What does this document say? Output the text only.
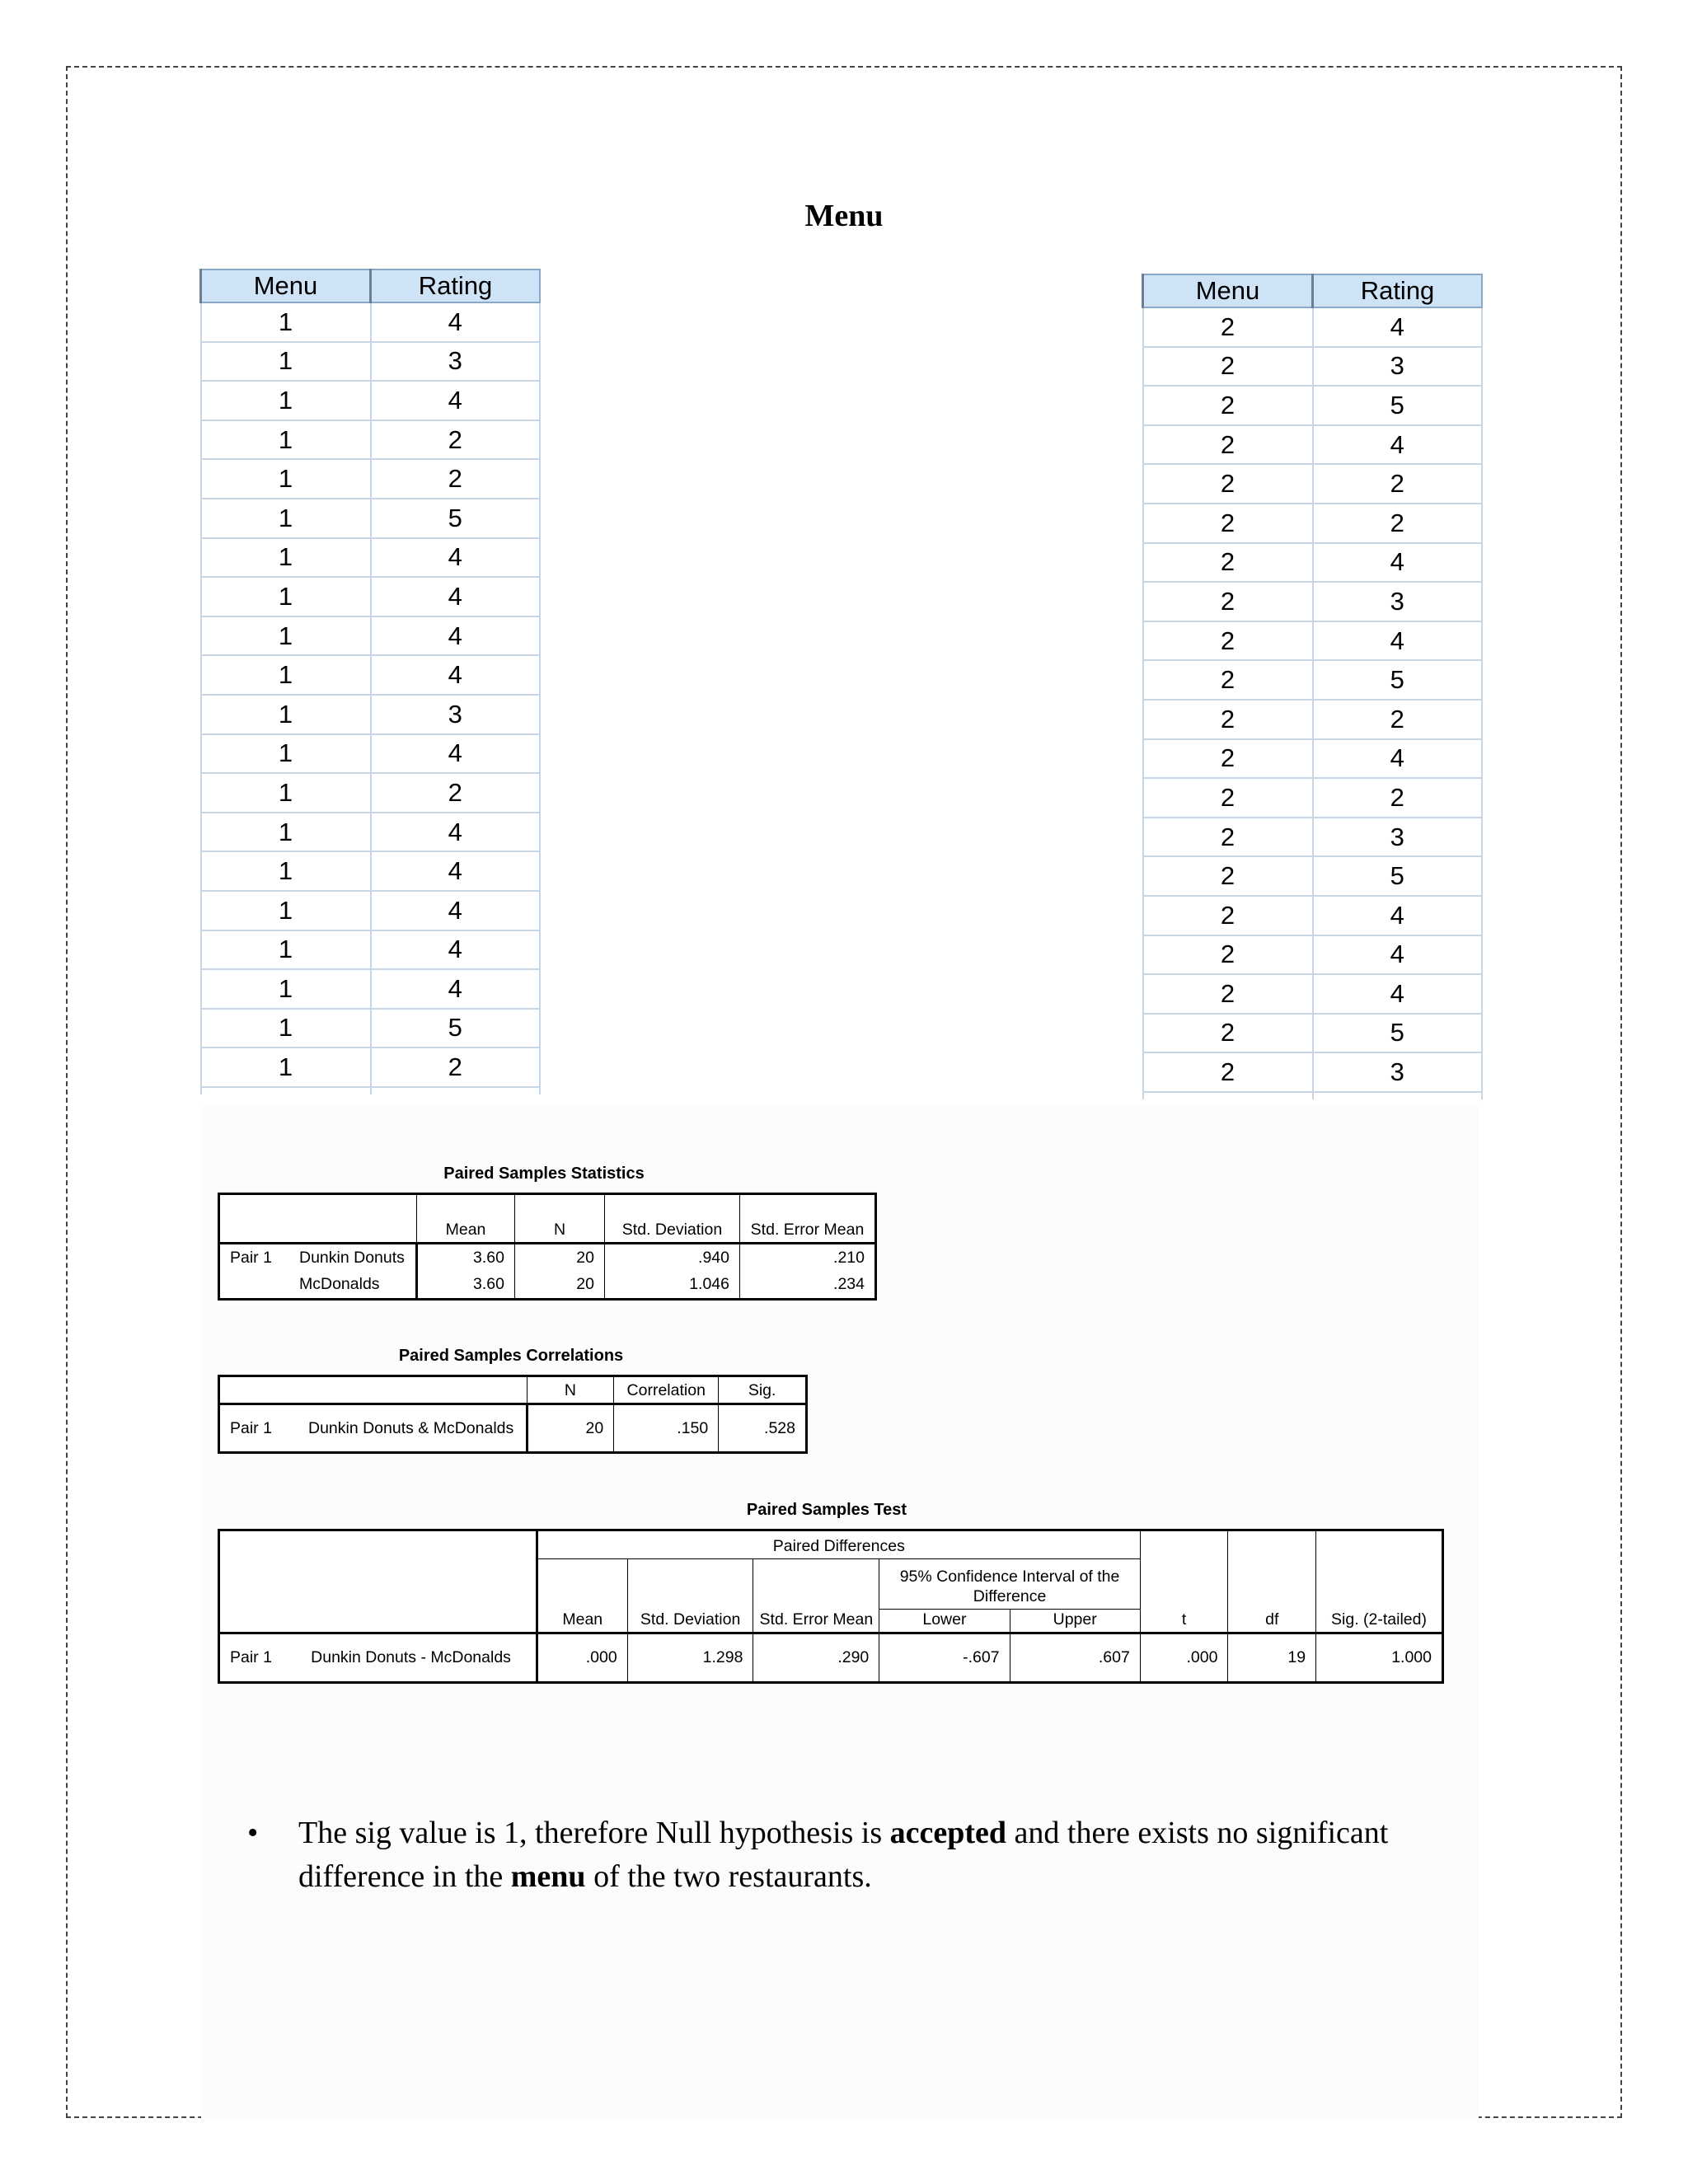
Menu
Menu	Rating
1	4
1	3
1	4
1	2
1	2
1	5
1	4
1	4
1	4
1	4
1	3
1	4
1	2
1	4
1	4
1	4
1	4
1	4
1	5
1	2

Menu	Rating
2	4
2	3
2	5
2	4
2	2
2	2
2	4
2	3
2	4
2	5
2	2
2	4
2	2
2	3
2	5
2	4
2	4
2	4
2	5
2	3

Paired Samples Statistics
		Mean	N	Std. Deviation	Std. Error Mean
Pair 1	Dunkin Donuts	3.60	20	.940	.210
	McDonalds	3.60	20	1.046	.234
Paired Samples Correlations
		N	Correlation	Sig.
Pair 1	Dunkin Donuts & McDonalds	20	.150	.528
Paired Samples Test
		Paired Differences					t	df	Sig. (2-tailed)
		Mean	Std. Deviation	Std. Error Mean	95% Confidence Interval of the Difference				
					Lower	Upper			
Pair 1	Dunkin Donuts - McDonalds	.000	1.298	.290	-.607	.607	.000	19	1.000
• The sig value is 1, therefore Null hypothesis is accepted and there exists no significant difference in the menu of the two restaurants.
